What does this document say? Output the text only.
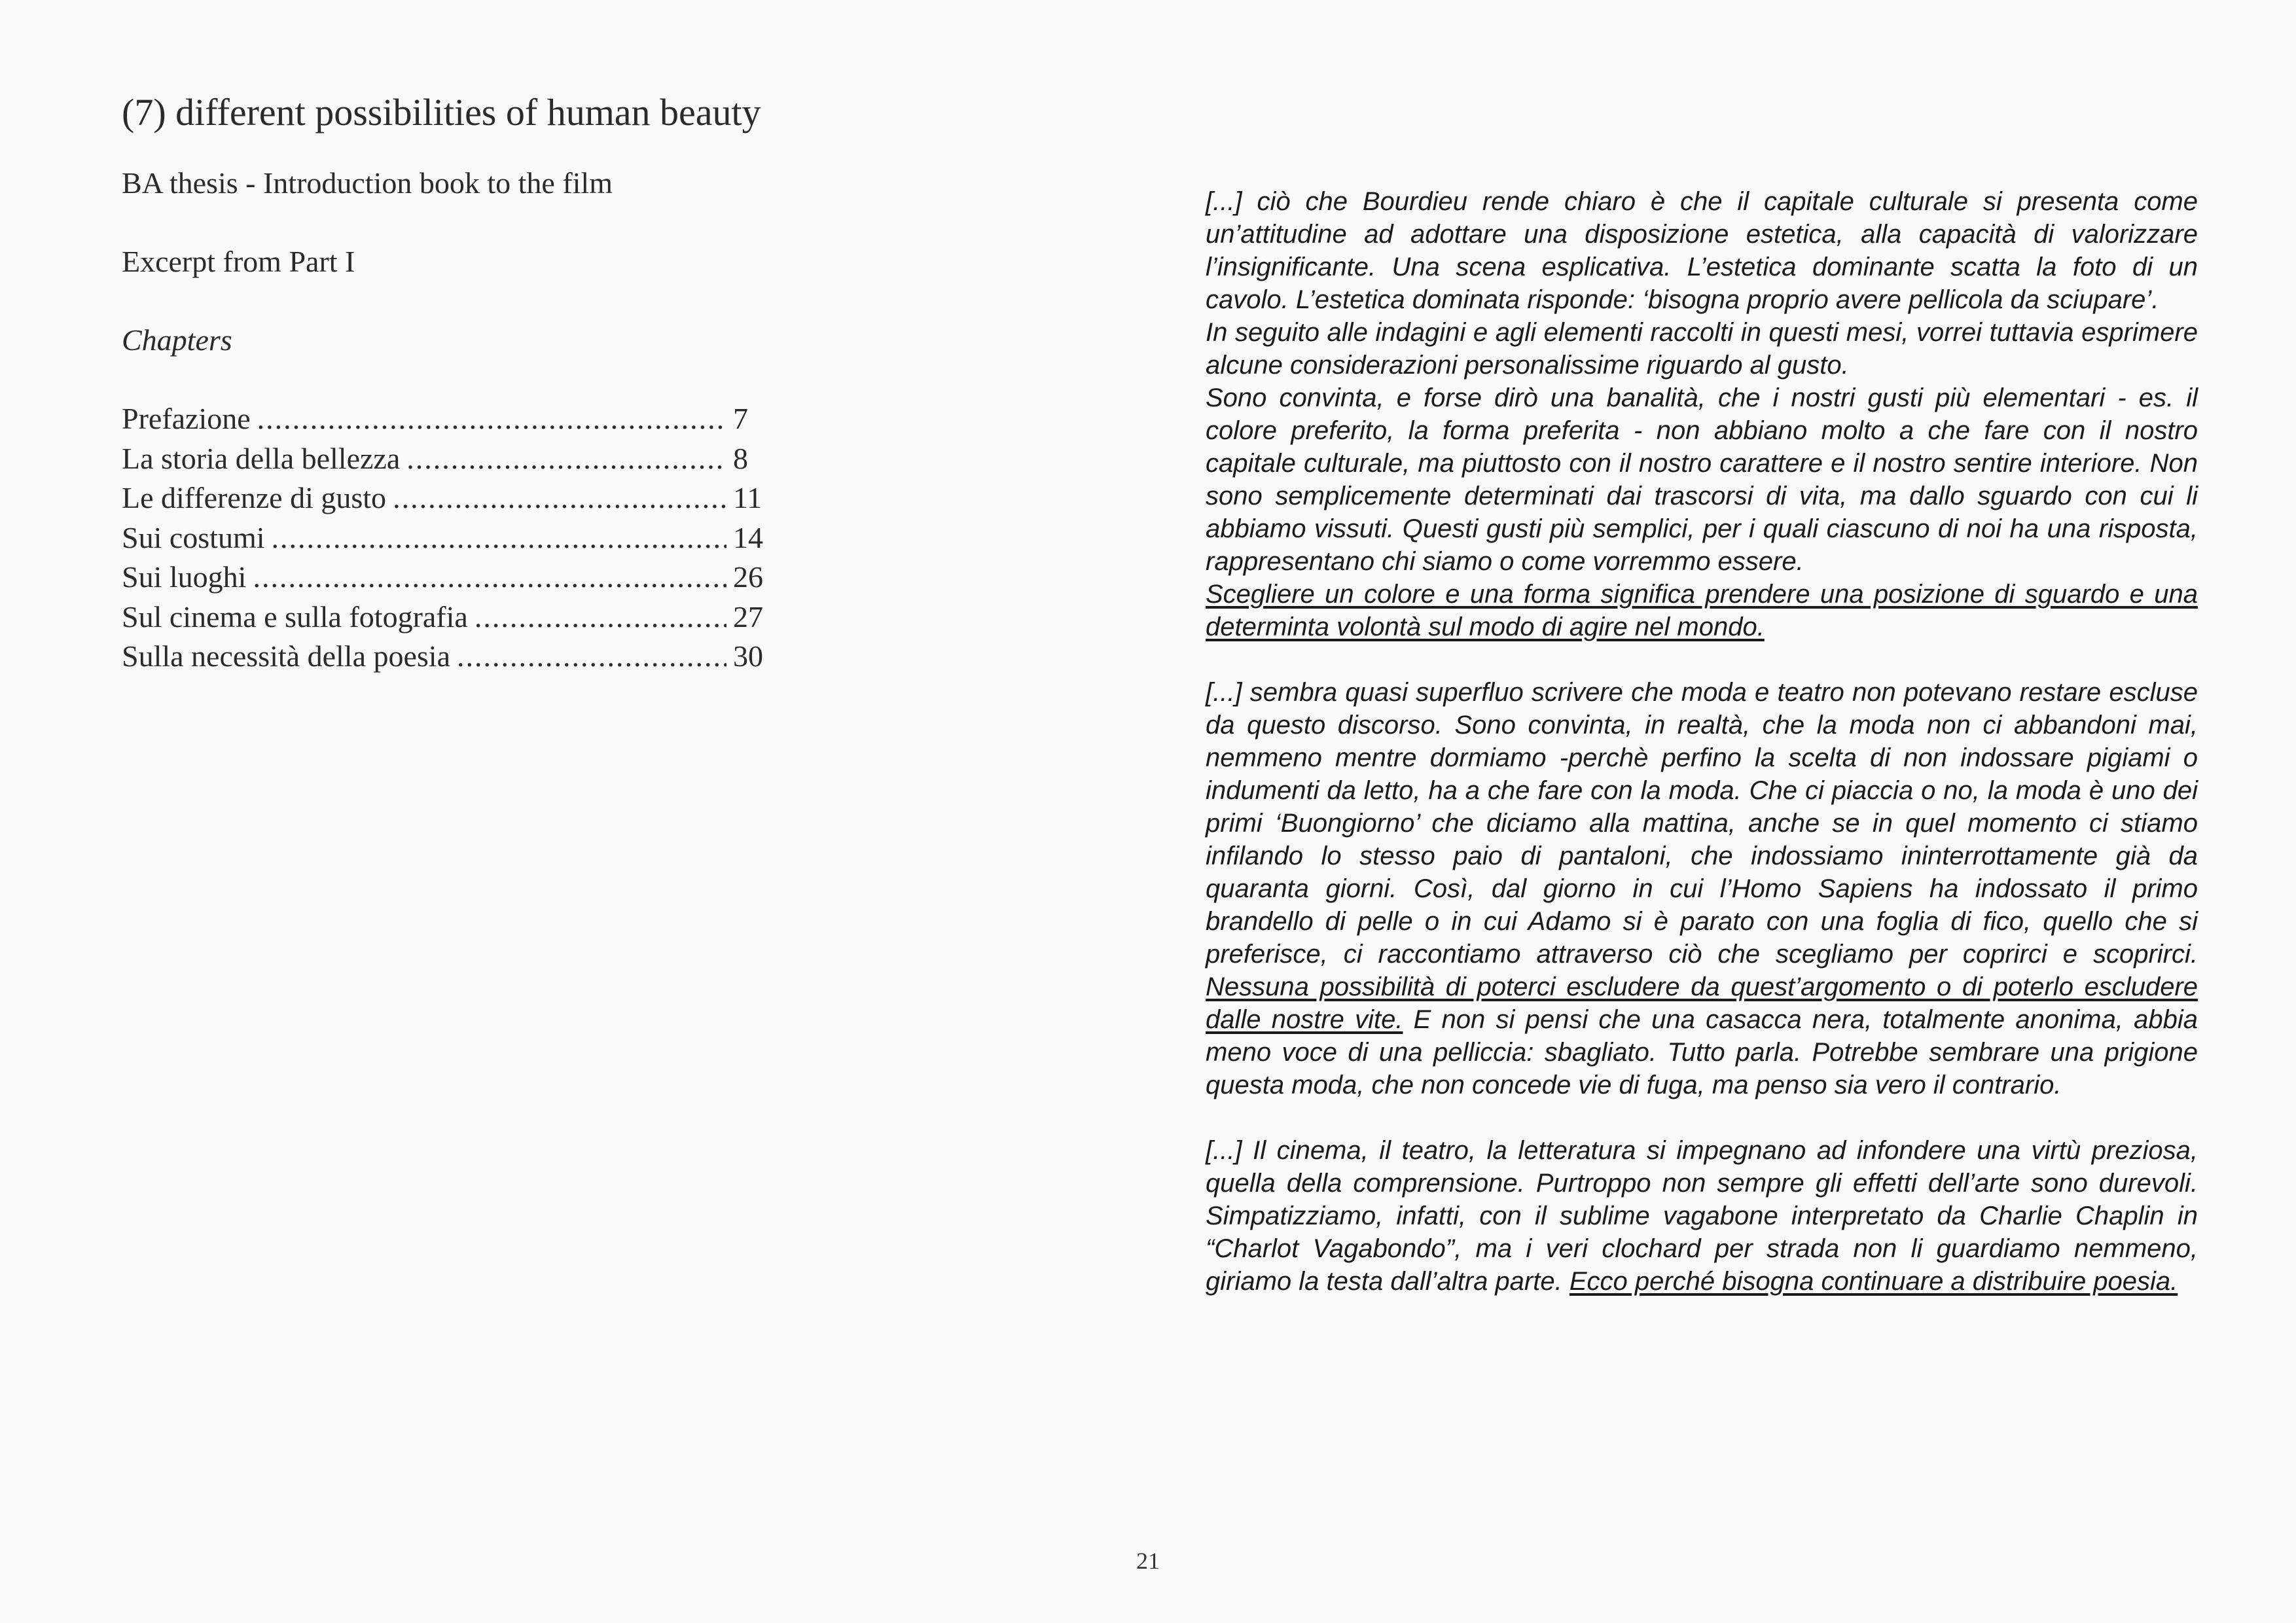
(7) different possibilities of human beauty
BA thesis - Introduction book to the film
Excerpt from Part I
Chapters
Prefazione .....	7
La storia della bellezza .....	8
Le differenze di gusto .....	11
Sui costumi .....	14
Sui luoghi .....	26
Sul cinema e sulla fotografia .....	27
Sulla necessità della poesia .....	30

[...] ciò che Bourdieu rende chiaro è che il capitale culturale si presenta come un’attitudine ad adottare una disposizione estetica, alla capacità di valorizzare l’insignificante. Una scena esplicativa. L’estetica dominante scatta la foto di un cavolo. L’estetica dominata risponde: ‘bisogna proprio avere pellicola da sciupare’.
In seguito alle indagini e agli elementi raccolti in questi mesi, vorrei tuttavia esprimere alcune considerazioni personalissime riguardo al gusto.
Sono convinta, e forse dirò una banalità, che i nostri gusti più elementari - es. il colore preferito, la forma preferita - non abbiano molto a che fare con il nostro capitale culturale, ma piuttosto con il nostro carattere e il nostro sentire interiore. Non sono semplicemente determinati dai trascorsi di vita, ma dallo sguardo con cui li abbiamo vissuti. Questi gusti più semplici, per i quali ciascuno di noi ha una risposta, rappresentano chi siamo o come vorremmo essere.
Scegliere un colore e una forma significa prendere una posizione di sguardo e una determinta volontà sul modo di agire nel mondo.

[...] sembra quasi superfluo scrivere che moda e teatro non potevano restare escluse da questo discorso. Sono convinta, in realtà, che la moda non ci abbandoni mai, nemmeno mentre dormiamo -perchè perfino la scelta di non indossare pigiami o indumenti da letto, ha a che fare con la moda. Che ci piaccia o no, la moda è uno dei primi ‘Buongiorno’ che diciamo alla mattina, anche se in quel momento ci stiamo infilando lo stesso paio di pantaloni, che indossiamo ininterrottamente già da quaranta giorni. Così, dal giorno in cui l’Homo Sapiens ha indossato il primo brandello di pelle o in cui Adamo si è parato con una foglia di fico, quello che si preferisce, ci raccontiamo attraverso ciò che scegliamo per coprirci e scoprirci. Nessuna possibilità di poterci escludere da quest’argomento o di poterlo escludere dalle nostre vite. E non si pensi che una casacca nera, totalmente anonima, abbia meno voce di una pelliccia: sbagliato. Tutto parla. Potrebbe sembrare una prigione questa moda, che non concede vie di fuga, ma penso sia vero il contrario.

[...] Il cinema, il teatro, la letteratura si impegnano ad infondere una virtù preziosa, quella della comprensione. Purtroppo non sempre gli effetti dell’arte sono durevoli. Simpatizziamo, infatti, con il sublime vagabone interpretato da Charlie Chaplin in “Charlot Vagabondo”, ma i veri clochard per strada non li guardiamo nemmeno, giriamo la testa dall’altra parte. Ecco perché bisogna continuare a distribuire poesia.

21
